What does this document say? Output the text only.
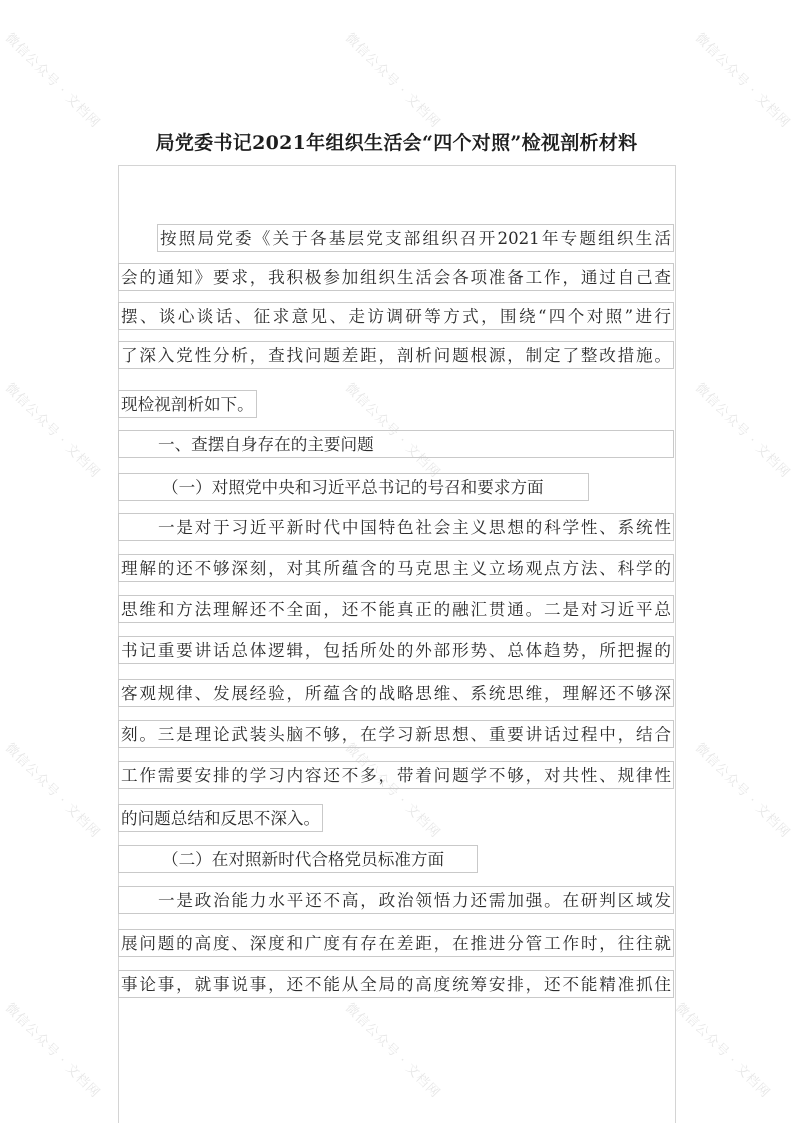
微信公众号 · 文档网	微信公众号 · 文档网	微信公众号 · 文档网
微信公众号 · 文档网	微信公众号 · 文档网	微信公众号 · 文档网
微信公众号 · 文档网	微信公众号 · 文档网	微信公众号 · 文档网
微信公众号 · 文档网	微信公众号 · 文档网	微信公众号 · 文档网
局党委书记2021年组织生活会“四个对照”检视剖析材料
按照局党委《关于各基层党支部组织召开2021年专题组织生活
会的通知》要求，我积极参加组织生活会各项准备工作，通过自己查
摆、谈心谈话、征求意见、走访调研等方式，围绕“四个对照”进行
了深入党性分析，查找问题差距，剖析问题根源，制定了整改措施。
现检视剖析如下。
一、查摆自身存在的主要问题
（一）对照党中央和习近平总书记的号召和要求方面
一是对于习近平新时代中国特色社会主义思想的科学性、系统性
理解的还不够深刻，对其所蕴含的马克思主义立场观点方法、科学的
思维和方法理解还不全面，还不能真正的融汇贯通。二是对习近平总
书记重要讲话总体逻辑，包括所处的外部形势、总体趋势，所把握的
客观规律、发展经验，所蕴含的战略思维、系统思维，理解还不够深
刻。三是理论武装头脑不够，在学习新思想、重要讲话过程中，结合
工作需要安排的学习内容还不多，带着问题学不够，对共性、规律性
的问题总结和反思不深入。
（二）在对照新时代合格党员标准方面
一是政治能力水平还不高，政治领悟力还需加强。在研判区域发
展问题的高度、深度和广度有存在差距，在推进分管工作时，往往就
事论事，就事说事，还不能从全局的高度统筹安排，还不能精准抓住
